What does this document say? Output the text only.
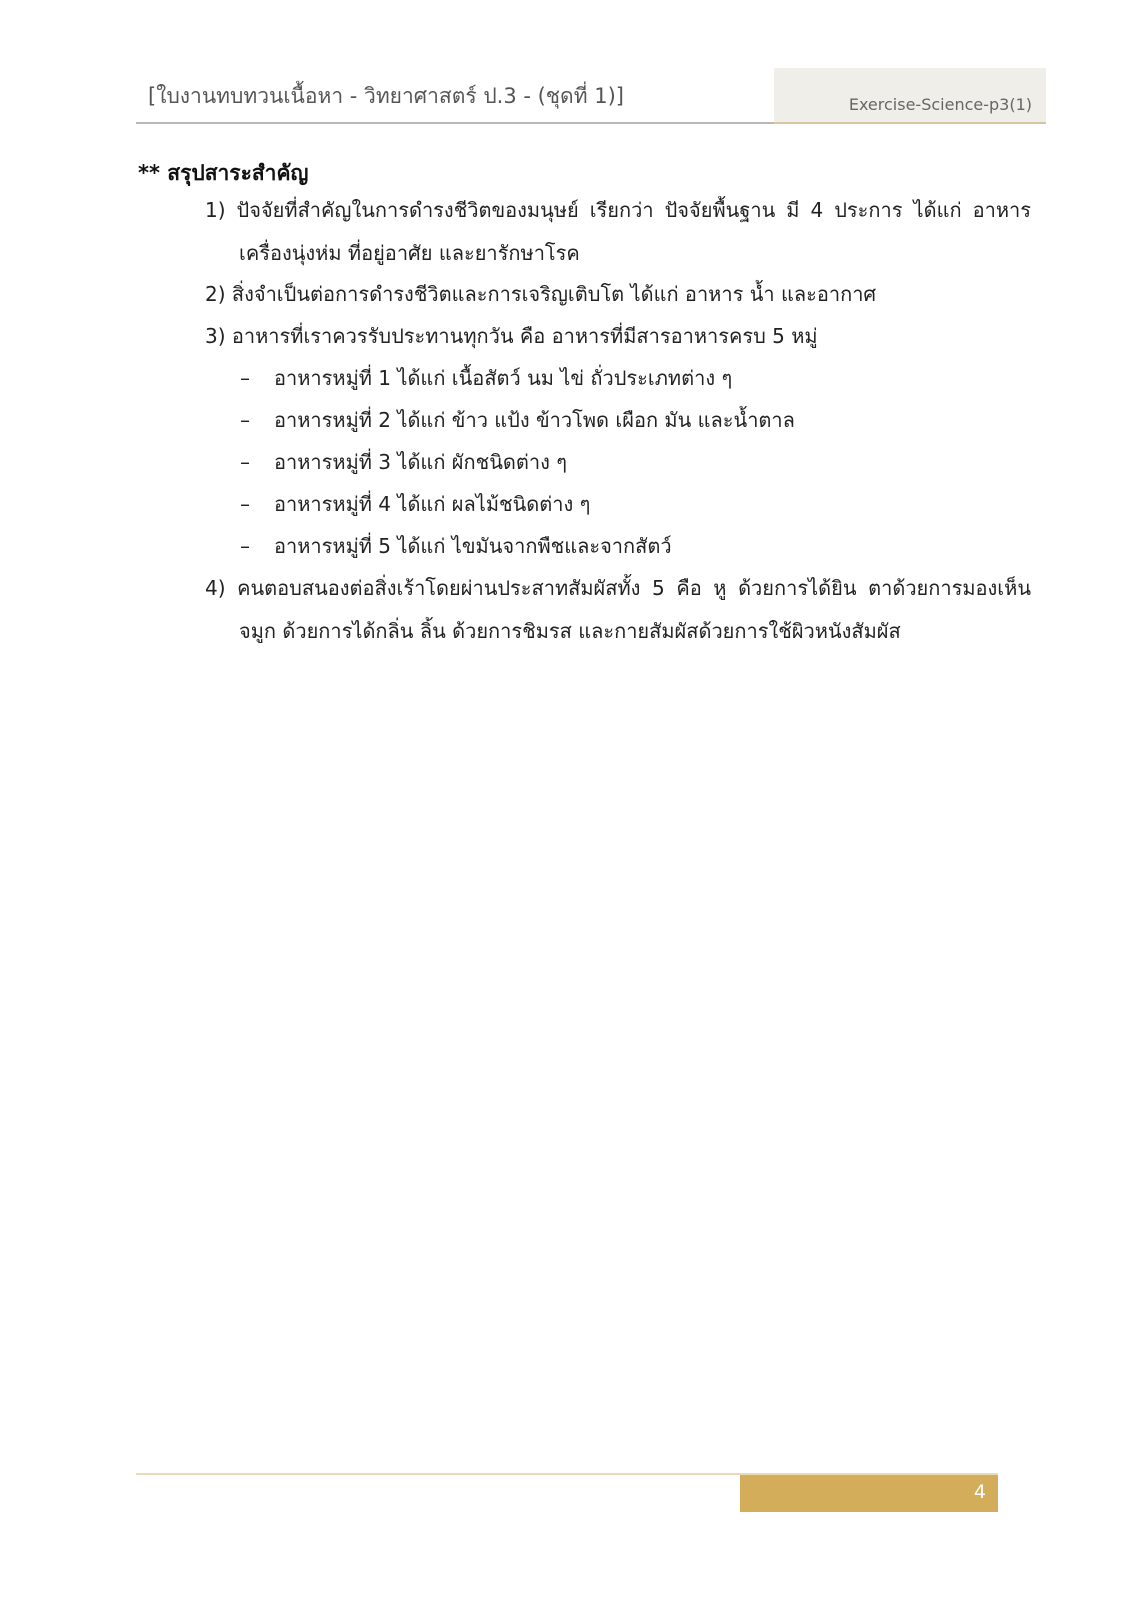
[ใบงานทบทวนเนื้อหา - วิทยาศาสตร์ ป.3 - (ชุดที่ 1)]	Exercise-Science-p3(1)
** สรุปสาระสำคัญ
1) ปัจจัยที่สำคัญในการดำรงชีวิตของมนุษย์ เรียกว่า ปัจจัยพื้นฐาน มี 4 ประการ ได้แก่ อาหาร เครื่องนุ่งห่ม ที่อยู่อาศัย และยารักษาโรค
2) สิ่งจำเป็นต่อการดำรงชีวิตและการเจริญเติบโต ได้แก่ อาหาร น้ำ และอากาศ
3) อาหารที่เราควรรับประทานทุกวัน คือ อาหารที่มีสารอาหารครบ 5 หมู่
– อาหารหมู่ที่ 1 ได้แก่ เนื้อสัตว์ นม ไข่ ถั่วประเภทต่าง ๆ
– อาหารหมู่ที่ 2 ได้แก่ ข้าว แป้ง ข้าวโพด เผือก มัน และน้ำตาล
– อาหารหมู่ที่ 3 ได้แก่ ผักชนิดต่าง ๆ
– อาหารหมู่ที่ 4 ได้แก่ ผลไม้ชนิดต่าง ๆ
– อาหารหมู่ที่ 5 ได้แก่ ไขมันจากพืชและจากสัตว์
4) คนตอบสนองต่อสิ่งเร้าโดยผ่านประสาทสัมผัสทั้ง 5 คือ หู ด้วยการได้ยิน ตาด้วยการมองเห็น จมูก ด้วยการได้กลิ่น ลิ้น ด้วยการชิมรส และกายสัมผัสด้วยการใช้ผิวหนังสัมผัส
4
